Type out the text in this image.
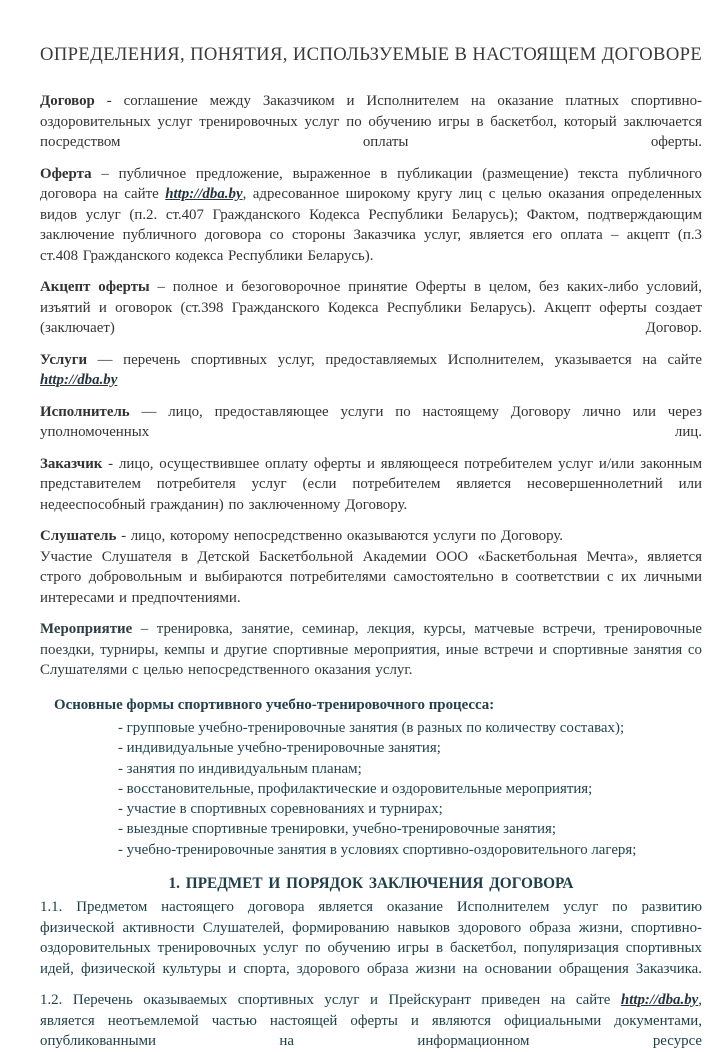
ОПРЕДЕЛЕНИЯ, ПОНЯТИЯ, ИСПОЛЬЗУЕМЫЕ В НАСТОЯЩЕМ ДОГОВОРЕ

Договор - соглашение между Заказчиком и Исполнителем на оказание платных спортивно-оздоровительных услуг тренировочных услуг по обучению игры в баскетбол, который заключается посредством оплаты оферты.

Оферта – публичное предложение, выраженное в публикации (размещение) текста публичного договора на сайте http://dba.by, адресованное широкому кругу лиц с целью оказания определенных видов услуг (п.2. ст.407 Гражданского Кодекса Республики Беларусь); Фактом, подтверждающим заключение публичного договора со стороны Заказчика услуг, является его оплата – акцепт (п.3 ст.408 Гражданского кодекса Республики Беларусь).

Акцепт оферты – полное и безоговорочное принятие Оферты в целом, без каких-либо условий, изъятий и оговорок (ст.398 Гражданского Кодекса Республики Беларусь). Акцепт оферты создает (заключает) Договор.

Услуги — перечень спортивных услуг, предоставляемых Исполнителем, указывается на сайте http://dba.by

Исполнитель — лицо, предоставляющее услуги по настоящему Договору лично или через уполномоченных лиц.

Заказчик - лицо, осуществившее оплату оферты и являющееся потребителем услуг и/или законным представителем потребителя услуг (если потребителем является несовершеннолетний или недееспособный гражданин) по заключенному Договору.

Слушатель - лицо, которому непосредственно оказываются услуги по Договору.
Участие Слушателя в Детской Баскетбольной Академии ООО «Баскетбольная Мечта», является строго добровольным и выбираются потребителями самостоятельно в соответствии с их личными интересами и предпочтениями.

Мероприятие – тренировка, занятие, семинар, лекция, курсы, матчевые встречи, тренировочные поездки, турниры, кемпы и другие спортивные мероприятия, иные встречи и спортивные занятия со Слушателями с целью непосредственного оказания услуг.

Основные формы спортивного учебно-тренировочного процесса:
- групповые учебно-тренировочные занятия (в разных по количеству составах);
- индивидуальные учебно-тренировочные занятия;
- занятия по индивидуальным планам;
- восстановительные, профилактические и оздоровительные мероприятия;
- участие в спортивных соревнованиях и турнирах;
- выездные спортивные тренировки, учебно-тренировочные занятия;
- учебно-тренировочные занятия в условиях спортивно-оздоровительного лагеря;
1. ПРЕДМЕТ И ПОРЯДОК ЗАКЛЮЧЕНИЯ ДОГОВОРА

1.1. Предметом настоящего договора является оказание Исполнителем услуг по развитию физической активности Слушателей, формированию навыков здорового образа жизни, спортивно-оздоровительных тренировочных услуг по обучению игры в баскетбол, популяризация спортивных идей, физической культуры и спорта, здорового образа жизни на основании обращения Заказчика.

1.2. Перечень оказываемых спортивных услуг и Прейскурант приведен на сайте http://dba.by, является неотъемлемой частью настоящей оферты и являются официальными документами, опубликованными на информационном ресурсе
